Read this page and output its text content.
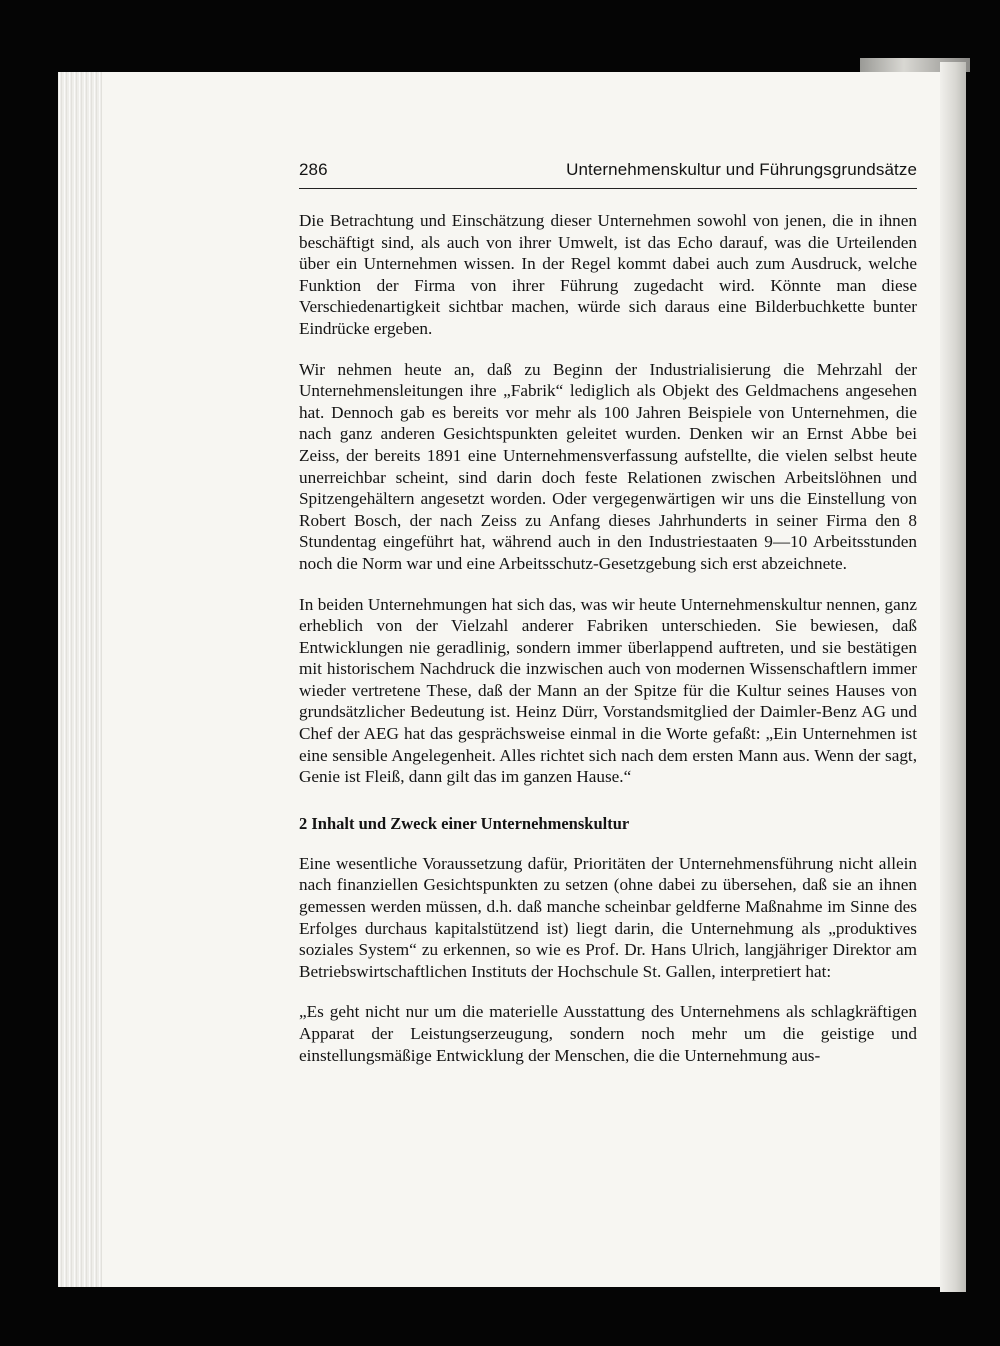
286	Unternehmenskultur und Führungsgrundsätze

Die Betrachtung und Einschätzung dieser Unternehmen sowohl von jenen, die in ihnen beschäftigt sind, als auch von ihrer Umwelt, ist das Echo darauf, was die Urteilenden über ein Unternehmen wissen. In der Regel kommt dabei auch zum Ausdruck, welche Funktion der Firma von ihrer Führung zugedacht wird. Könnte man diese Verschiedenartigkeit sichtbar machen, würde sich daraus eine Bilderbuchkette bunter Eindrücke ergeben.

Wir nehmen heute an, daß zu Beginn der Industrialisierung die Mehrzahl der Unternehmensleitungen ihre „Fabrik“ lediglich als Objekt des Geldmachens angesehen hat. Dennoch gab es bereits vor mehr als 100 Jahren Beispiele von Unternehmen, die nach ganz anderen Gesichtspunkten geleitet wurden. Denken wir an Ernst Abbe bei Zeiss, der bereits 1891 eine Unternehmensverfassung aufstellte, die vielen selbst heute unerreichbar scheint, sind darin doch feste Relationen zwischen Arbeitslöhnen und Spitzengehältern angesetzt worden. Oder vergegenwärtigen wir uns die Einstellung von Robert Bosch, der nach Zeiss zu Anfang dieses Jahrhunderts in seiner Firma den 8 Stundentag eingeführt hat, während auch in den Industriestaaten 9—10 Arbeitsstunden noch die Norm war und eine Arbeitsschutz-Gesetzgebung sich erst abzeichnete.

In beiden Unternehmungen hat sich das, was wir heute Unternehmenskultur nennen, ganz erheblich von der Vielzahl anderer Fabriken unterschieden. Sie bewiesen, daß Entwicklungen nie geradlinig, sondern immer überlappend auftreten, und sie bestätigen mit historischem Nachdruck die inzwischen auch von modernen Wissenschaftlern immer wieder vertretene These, daß der Mann an der Spitze für die Kultur seines Hauses von grundsätzlicher Bedeutung ist. Heinz Dürr, Vorstandsmitglied der Daimler-Benz AG und Chef der AEG hat das gesprächsweise einmal in die Worte gefaßt: „Ein Unternehmen ist eine sensible Angelegenheit. Alles richtet sich nach dem ersten Mann aus. Wenn der sagt, Genie ist Fleiß, dann gilt das im ganzen Hause.“

2 Inhalt und Zweck einer Unternehmenskultur

Eine wesentliche Voraussetzung dafür, Prioritäten der Unternehmensführung nicht allein nach finanziellen Gesichtspunkten zu setzen (ohne dabei zu übersehen, daß sie an ihnen gemessen werden müssen, d.h. daß manche scheinbar geldferne Maßnahme im Sinne des Erfolges durchaus kapitalstützend ist) liegt darin, die Unternehmung als „produktives soziales System“ zu erkennen, so wie es Prof. Dr. Hans Ulrich, langjähriger Direktor am Betriebswirtschaftlichen Instituts der Hochschule St. Gallen, interpretiert hat:

„Es geht nicht nur um die materielle Ausstattung des Unternehmens als schlagkräftigen Apparat der Leistungserzeugung, sondern noch mehr um die geistige und einstellungsmäßige Entwicklung der Menschen, die die Unternehmung aus-
